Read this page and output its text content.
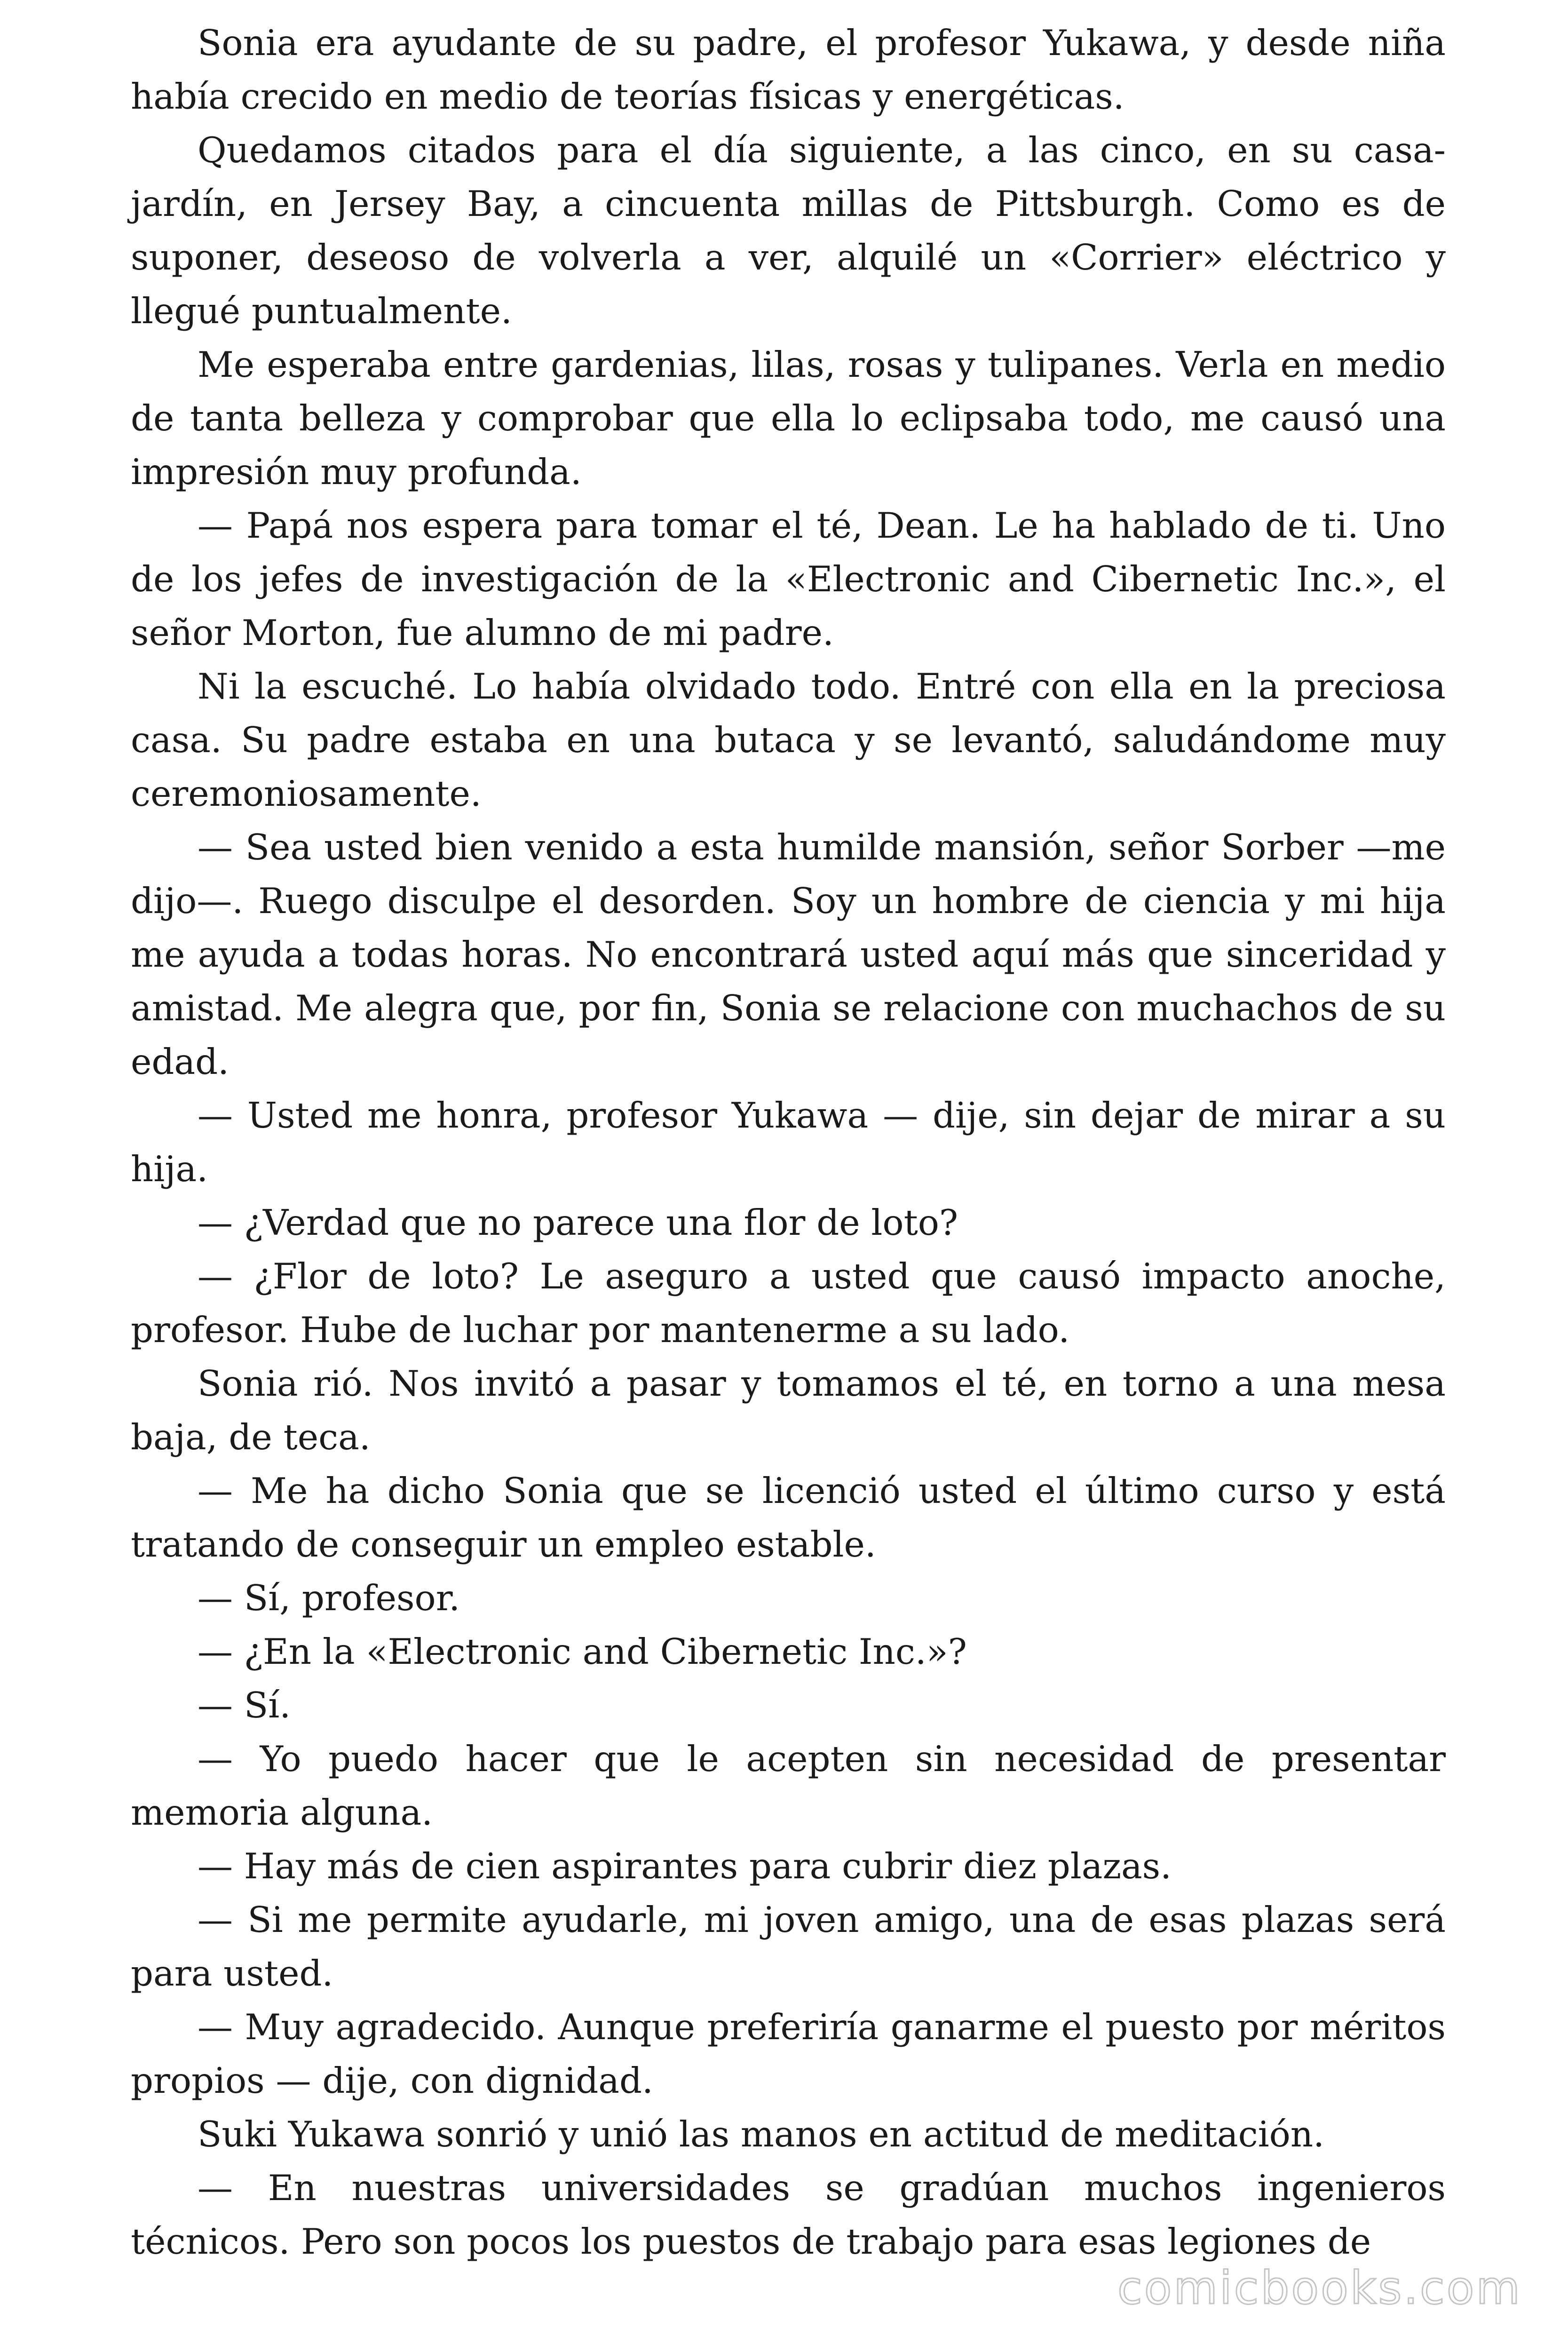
Sonia era ayudante de su padre, el profesor Yukawa, y desde niña había crecido en medio de teorías físicas y energéticas.

Quedamos citados para el día siguiente, a las cinco, en su casa-jardín, en Jersey Bay, a cincuenta millas de Pittsburgh. Como es de suponer, deseoso de volverla a ver, alquilé un «Corrier» eléctrico y llegué puntualmente.

Me esperaba entre gardenias, lilas, rosas y tulipanes. Verla en medio de tanta belleza y comprobar que ella lo eclipsaba todo, me causó una impresión muy profunda.

— Papá nos espera para tomar el té, Dean. Le ha hablado de ti. Uno de los jefes de investigación de la «Electronic and Cibernetic Inc.», el señor Morton, fue alumno de mi padre.

Ni la escuché. Lo había olvidado todo. Entré con ella en la preciosa casa. Su padre estaba en una butaca y se levantó, saludándome muy ceremoniosamente.

— Sea usted bien venido a esta humilde mansión, señor Sorber —me dijo—. Ruego disculpe el desorden. Soy un hombre de ciencia y mi hija me ayuda a todas horas. No encontrará usted aquí más que sinceridad y amistad. Me alegra que, por fin, Sonia se relacione con muchachos de su edad.

— Usted me honra, profesor Yukawa — dije, sin dejar de mirar a su hija.

— ¿Verdad que no parece una flor de loto?

— ¿Flor de loto? Le aseguro a usted que causó impacto anoche, profesor. Hube de luchar por mantenerme a su lado.

Sonia rió. Nos invitó a pasar y tomamos el té, en torno a una mesa baja, de teca.

— Me ha dicho Sonia que se licenció usted el último curso y está tratando de conseguir un empleo estable.

— Sí, profesor.

— ¿En la «Electronic and Cibernetic Inc.»?

— Sí.

— Yo puedo hacer que le acepten sin necesidad de presentar memoria alguna.

— Hay más de cien aspirantes para cubrir diez plazas.

— Si me permite ayudarle, mi joven amigo, una de esas plazas será para usted.

— Muy agradecido. Aunque preferiría ganarme el puesto por méritos propios — dije, con dignidad.

Suki Yukawa sonrió y unió las manos en actitud de meditación.

— En nuestras universidades se gradúan muchos ingenieros técnicos. Pero son pocos los puestos de trabajo para esas legiones de

comicbooks.com
